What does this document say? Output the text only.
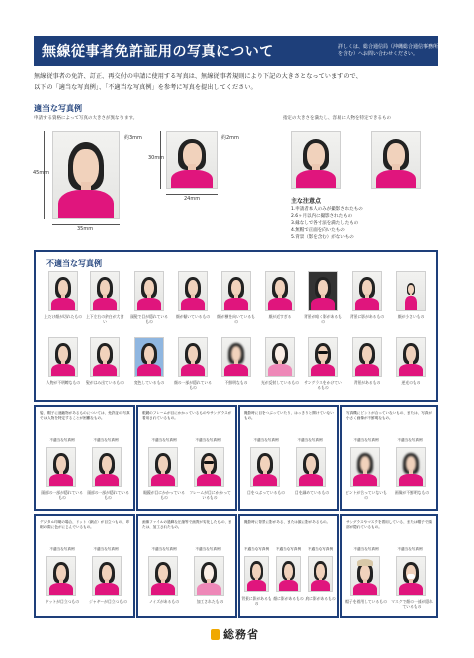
無線従事者免許証用の写真について	詳しくは、総合通信局（沖縄総合通信事務所を含む）へお問い合わせください。
無線従事者の免許、訂正、再交付の申請に使用する写真は、無線従事者規則により下記の大きさとなっていますので、
以下の「適当な写真例」、「不適当な写真例」を参考に写真を提出してください。
適当な写真例
申請する資格によって写真の大きさが異なります。	指定の大きさを満たし、容易に人物を特定できるもの
45mm
35mm
約3mm
30mm
24mm
約2mm
主な注意点
1.申請者本人のみが撮影されたもの
2.6ヶ月以内に撮影されたもの
3.縁なしで各寸法を満たしたもの
4.無帽で正面を向いたもの
5.背景（影を含む）がないもの
不適当な写真例
上だけ顔が切れたもの 上下左右の余白が大きい
頭髪で目が隠れているもの
顔が傾いているもの	顔が横を向いているもの
顔が近すぎる	背景が暗く影があるもの
背景に影があるもの	顔が小さいもの
人物が不明瞭なもの	髪がはみ出ているもの	変色しているもの	顔の一部が隠れているもの
不鮮明なもの	光が反射しているもの サングラスをかけているもの
背景があるもの	逆光のもの
髪、帽子に遮蔽物があるものについては、免許証の写真では人物を特定することが困難なもの。
不適当な写真例	不適当な写真例
頭部の一部が隠れているもの
頭部の一部が隠れているもの
眼鏡のフレームが目にかかっているものやサングラスが着用されているもの。
不適当な写真例	不適当な写真例
眼鏡が目にかかっているもの
フレームが目にかかっているもの
撮影時に目をつぶっていたり、はっきりと開けていないもの。
不適当な写真例	不適当な写真例
目をつぶっているもの	目を細めているもの
写真機にピントが合っていないもの、または、写真が小さく画像が不鮮明なもの。
不適当な写真例	不適当な写真例
ピントが合っていないもの
画像が不鮮明なもの
デジタル印刷の場合、ドット（網点）が目立つもの、印刷の際に色がにじんでいるもの。
不適当な写真例	不適当な写真例
ドットが目立つもの	ジャギーが目立つもの
画像ファイルの過剰な圧縮等で画質が劣化したもの、または、加工されたもの。
不適当な写真例	不適当な写真例
ノイズがあるもの	加工されたもの
撮影時に背景に影がある、または顔に影があるもの。
不適当な写真例	不適当な写真例	不適当な写真例
背景に影があるもの
顔に影があるもの 肩に影があるもの
サングラスやマスクを着用している、または帽子で頭部が隠れているもの。
不適当な写真例	不適当な写真例
帽子を着用しているもの マスクで顔の一部が隠れているもの
総務省
